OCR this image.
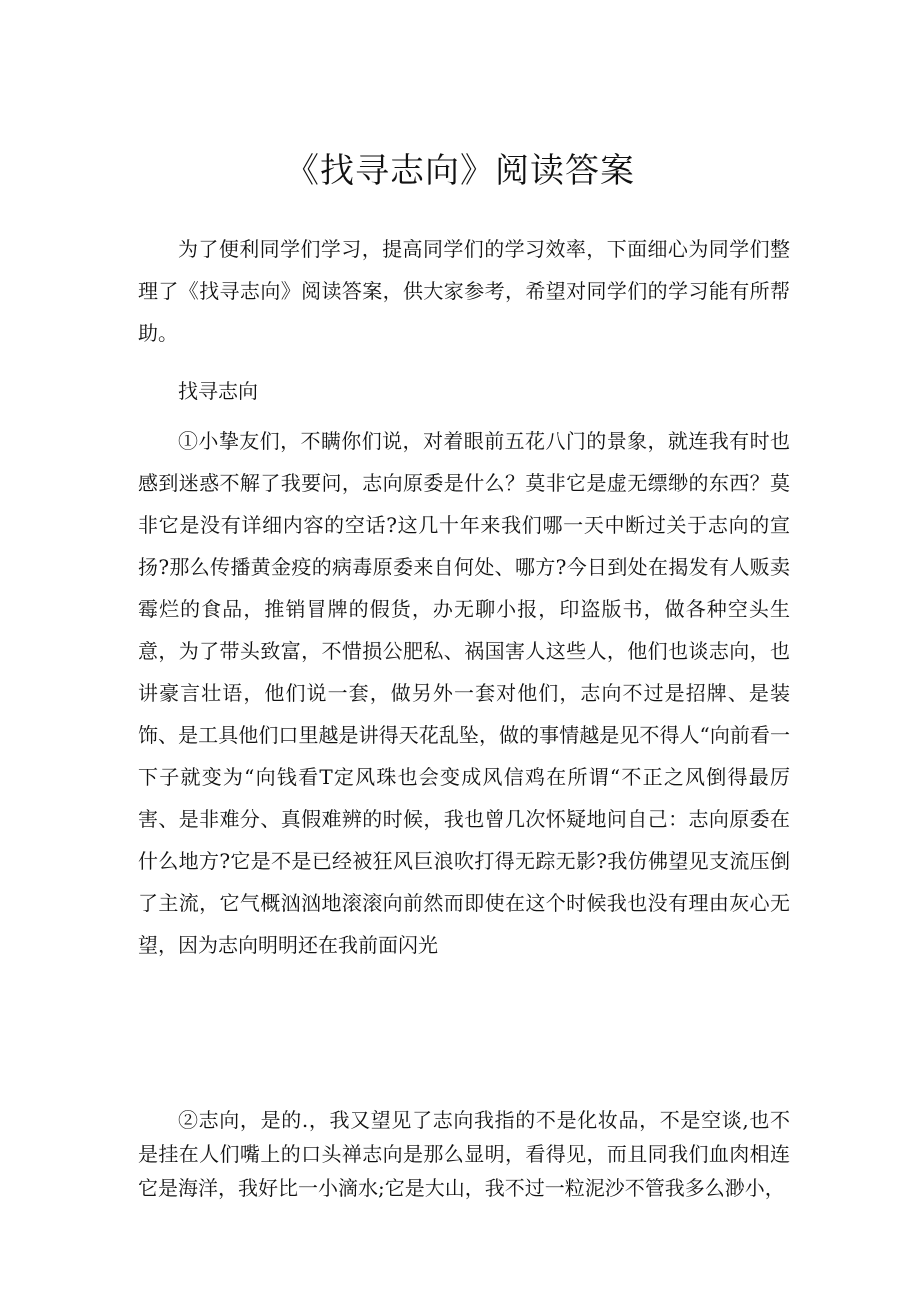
《找寻志向》阅读答案

为了便利同学们学习，提高同学们的学习效率，下面细心为同学们整理了《找寻志向》阅读答案，供大家参考，希望对同学们的学习能有所帮助。

找寻志向

①小挚友们，不瞒你们说，对着眼前五花八门的景象，就连我有时也感到迷惑不解了我要问，志向原委是什么？莫非它是虚无缥缈的东西？莫非它是没有详细内容的空话?这几十年来我们哪一天中断过关于志向的宣扬?那么传播黄金疫的病毒原委来自何处、哪方?今日到处在揭发有人贩卖霉烂的食品，推销冒牌的假货，办无聊小报，印盗版书，做各种空头生意，为了带头致富，不惜损公肥私、祸国害人这些人，他们也谈志向，也讲豪言壮语，他们说一套，做另外一套对他们，志向不过是招牌、是装饰、是工具他们口里越是讲得天花乱坠，做的事情越是见不得人“向前看一下子就变为“向钱看T定风珠也会变成风信鸡在所谓“不正之风倒得最厉害、是非难分、真假难辨的时候，我也曾几次怀疑地问自己：志向原委在什么地方?它是不是已经被狂风巨浪吹打得无踪无影?我仿佛望见支流压倒了主流，它气概汹汹地滚滚向前然而即使在这个时候我也没有理由灰心无望，因为志向明明还在我前面闪光

②志向，是的.，我又望见了志向我指的不是化妆品，不是空谈,也不是挂在人们嘴上的口头禅志向是那么显明，看得见，而且同我们血肉相连它是海洋，我好比一小滴水;它是大山，我不过一粒泥沙不管我多么渺小，
